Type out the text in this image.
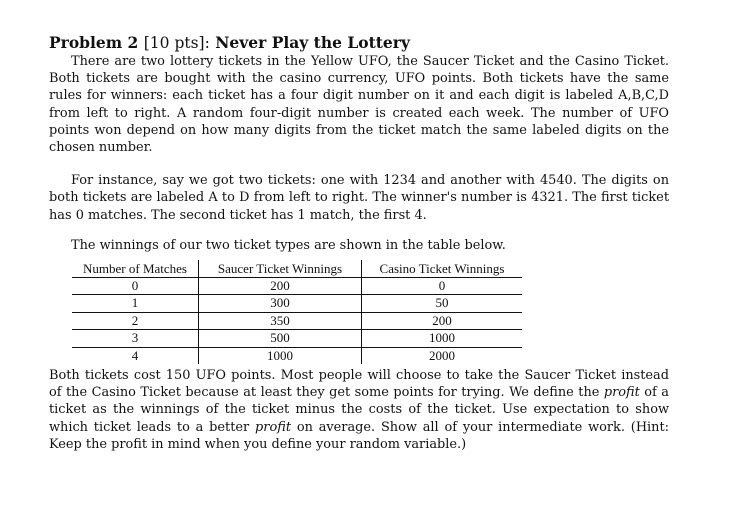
Problem 2 [10 pts]: Never Play the Lottery

There are two lottery tickets in the Yellow UFO, the Saucer Ticket and the Casino Ticket. Both tickets are bought with the casino currency, UFO points. Both tickets have the same rules for winners: each ticket has a four digit number on it and each digit is labeled A,B,C,D from left to right. A random four-digit number is created each week. The number of UFO points won depend on how many digits from the ticket match the same labeled digits on the chosen number.

For instance, say we got two tickets: one with 1234 and another with 4540. The digits on both tickets are labeled A to D from left to right. The winner's number is 4321. The first ticket has 0 matches. The second ticket has 1 match, the first 4.

The winnings of our two ticket types are shown in the table below.

Number of Matches	Saucer Ticket Winnings	Casino Ticket Winnings
0	200	0
1	300	50
2	350	200
3	500	1000
4	1000	2000

Both tickets cost 150 UFO points. Most people will choose to take the Saucer Ticket instead of the Casino Ticket because at least they get some points for trying. We define the profit of a ticket as the winnings of the ticket minus the costs of the ticket. Use expectation to show which ticket leads to a better profit on average. Show all of your intermediate work. (Hint: Keep the profit in mind when you define your random variable.)
